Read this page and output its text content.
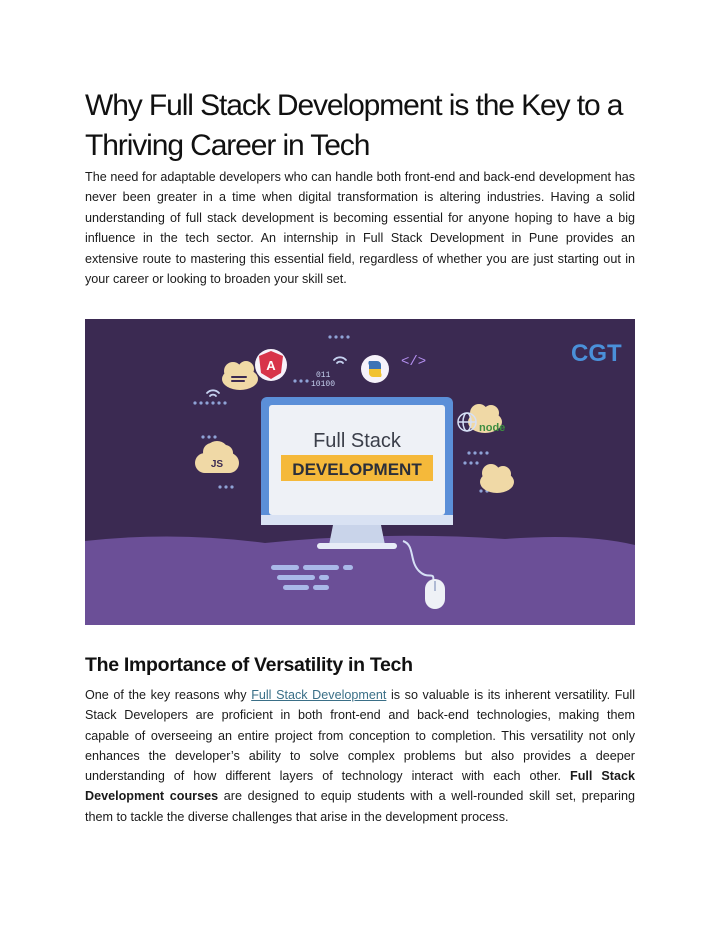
Why Full Stack Development is the Key to a Thriving Career in Tech

The need for adaptable developers who can handle both front-end and back-end development has never been greater in a time when digital transformation is altering industries. Having a solid understanding of full stack development is becoming essential for anyone hoping to have a big influence in the tech sector. An internship in Full Stack Development in Pune provides an extensive route to mastering this essential field, regardless of whether you are just starting out in your career or looking to broaden your skill set.

CGT
A
011
10100
</>
node
JS
Full Stack
DEVELOPMENT
The Importance of Versatility in Tech

One of the key reasons why Full Stack Development is so valuable is its inherent versatility. Full Stack Developers are proficient in both front-end and back-end technologies, making them capable of overseeing an entire project from conception to completion. This versatility not only enhances the developer’s ability to solve complex problems but also provides a deeper understanding of how different layers of technology interact with each other. Full Stack Development courses are designed to equip students with a well-rounded skill set, preparing them to tackle the diverse challenges that arise in the development process.
